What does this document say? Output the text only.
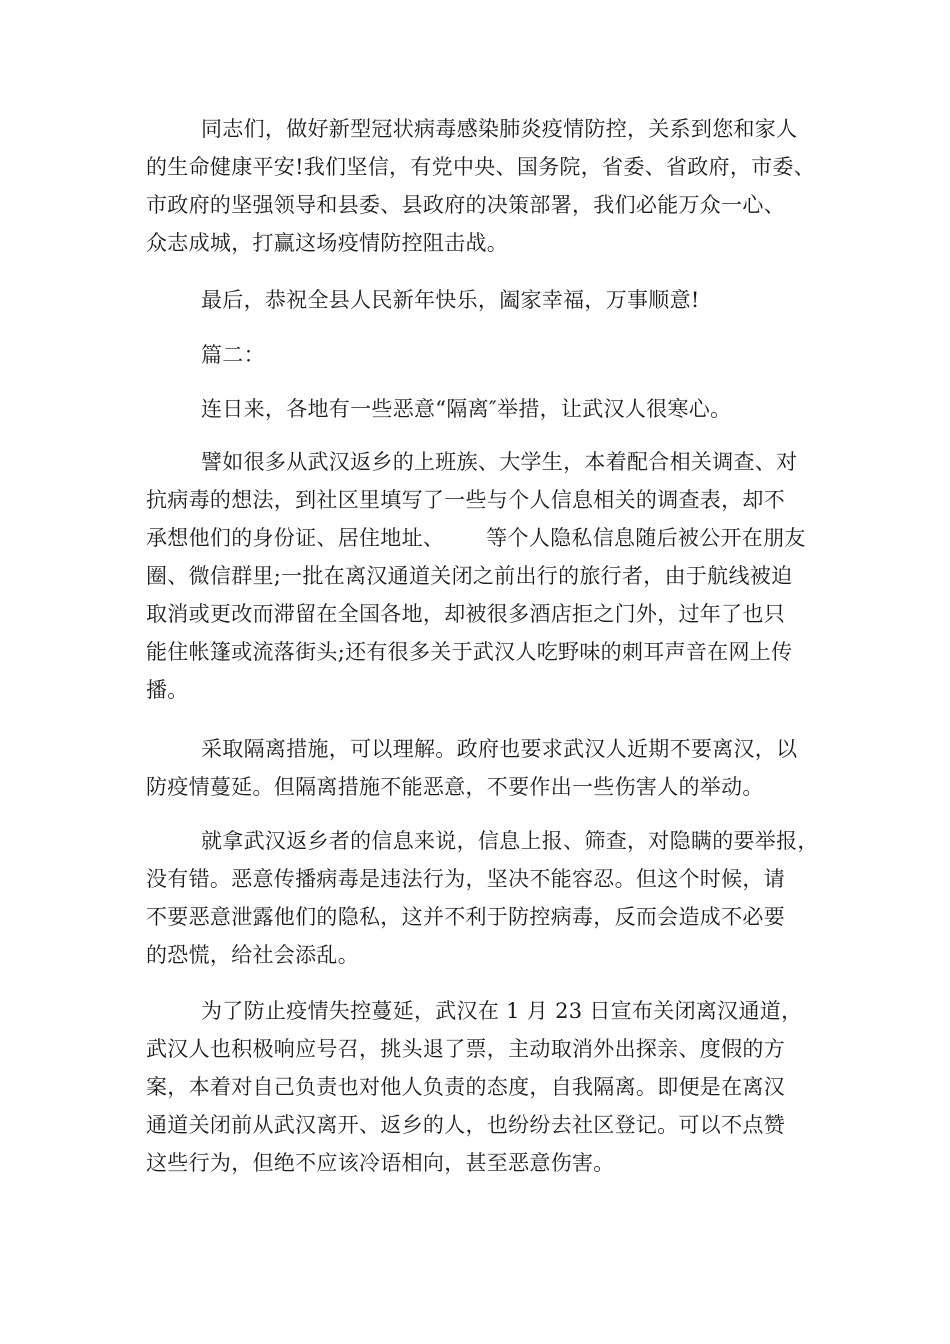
同志们，做好新型冠状病毒感染肺炎疫情防控，关系到您和家人
的生命健康平安!我们坚信，有党中央、国务院，省委、省政府，市委、
市政府的坚强领导和县委、县政府的决策部署，我们必能万众一心、
众志成城，打赢这场疫情防控阻击战。
最后，恭祝全县人民新年快乐，阖家幸福，万事顺意!
篇二：
连日来，各地有一些恶意“隔离″举措，让武汉人很寒心。
譬如很多从武汉返乡的上班族、大学生，本着配合相关调查、对
抗病毒的想法，到社区里填写了一些与个人信息相关的调查表，却不
承想他们的身份证、居住地址、 等个人隐私信息随后被公开在朋友
圈、微信群里;一批在离汉通道关闭之前出行的旅行者，由于航线被迫
取消或更改而滞留在全国各地，却被很多酒店拒之门外，过年了也只
能住帐篷或流落街头;还有很多关于武汉人吃野味的刺耳声音在网上传
播。
采取隔离措施，可以理解。政府也要求武汉人近期不要离汉，以
防疫情蔓延。但隔离措施不能恶意，不要作出一些伤害人的举动。
就拿武汉返乡者的信息来说，信息上报、筛查，对隐瞒的要举报，
没有错。恶意传播病毒是违法行为，坚决不能容忍。但这个时候，请
不要恶意泄露他们的隐私，这并不利于防控病毒，反而会造成不必要
的恐慌，给社会添乱。
为了防止疫情失控蔓延，武汉在 1 月 23 日宣布关闭离汉通道，
武汉人也积极响应号召，挑头退了票，主动取消外出探亲、度假的方
案，本着对自己负责也对他人负责的态度，自我隔离。即便是在离汉
通道关闭前从武汉离开、返乡的人，也纷纷去社区登记。可以不点赞
这些行为，但绝不应该冷语相向，甚至恶意伤害。
